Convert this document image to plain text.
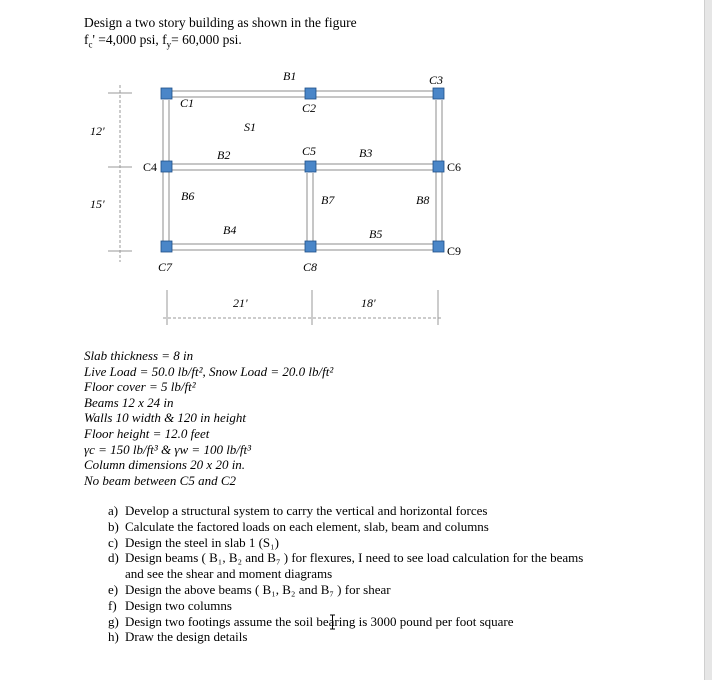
Design a two story building as shown in the figure
$f_c' =4,000$ psi, $f_y= 60,000$ psi.
B1
B2	B3
B4	B5
B6	B7	B8
C1	C2
C3
C4
C5
C6
C7	C8
C9
S1
12'
15'
21'	18'
Slab thickness = 8 in
Live Load = 50.0 lb/ft², Snow Load = 20.0 lb/ft²
Floor cover = 5 lb/ft²
Beams 12 x 24 in
Walls 10 width & 120 in height
Floor height = 12.0 feet
γc = 150 lb/ft³ & γw = 100 lb/ft³
Column dimensions 20 x 20 in.
No beam between C5 and C2
a) Develop a structural system to carry the vertical and horizontal forces
b) Calculate the factored loads on each element, slab, beam and columns
c) Design the steel in slab 1 (S₁)
d) Design beams ( B₁, B₂ and B₇ ) for flexures, I need to see load calculation for the beams and see the shear and moment diagrams
e) Design the above beams ( B₁, B₂ and B₇ ) for shear
f) Design two columns
g) Design two footings assume the soil bearing is 3000 pound per foot square
h) Draw the design details
